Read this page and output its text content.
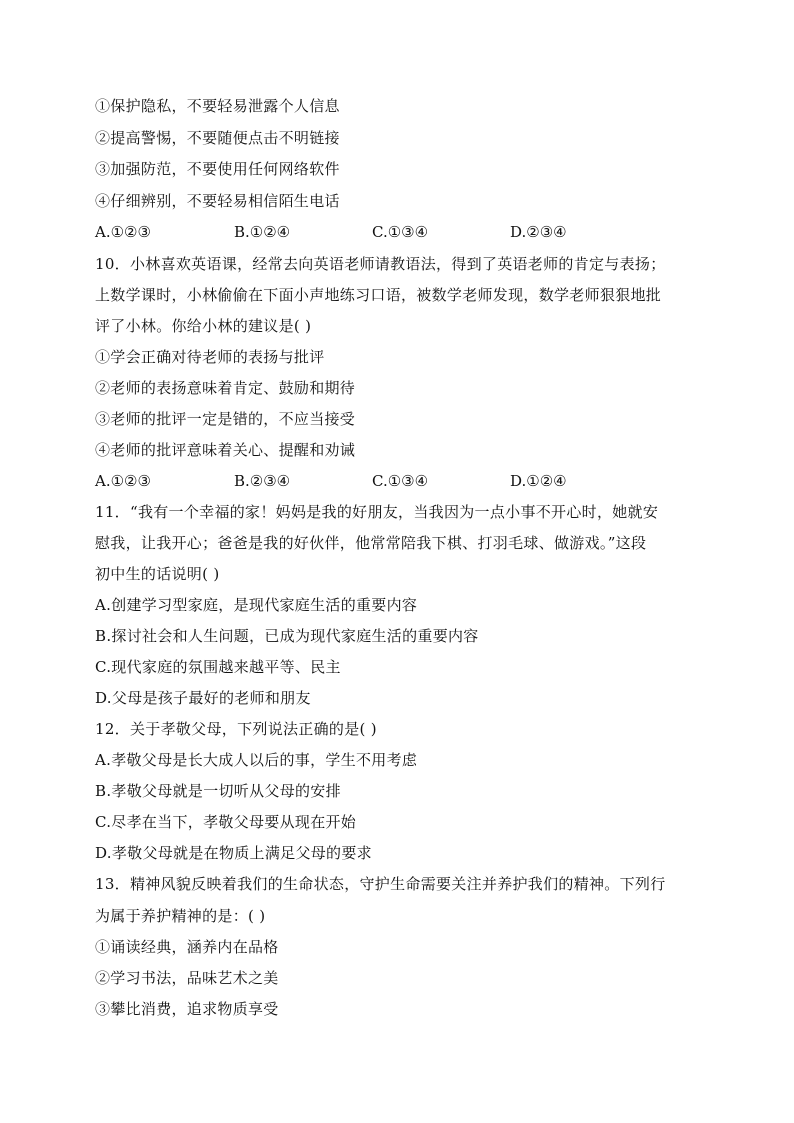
①保护隐私，不要轻易泄露个人信息
②提高警惕，不要随便点击不明链接
③加强防范，不要使用任何网络软件
④仔细辨别，不要轻易相信陌生电话
A.①②③	B.①②④	C.①③④	D.②③④
10．小林喜欢英语课，经常去向英语老师请教语法，得到了英语老师的肯定与表扬；
上数学课时，小林偷偷在下面小声地练习口语，被数学老师发现，数学老师狠狠地批
评了小林。你给小林的建议是( )
①学会正确对待老师的表扬与批评
②老师的表扬意味着肯定、鼓励和期待
③老师的批评一定是错的，不应当接受
④老师的批评意味着关心、提醒和劝诫
A.①②③	B.②③④	C.①③④	D.①②④
11．“我有一个幸福的家！妈妈是我的好朋友，当我因为一点小事不开心时，她就安
慰我，让我开心；爸爸是我的好伙伴，他常常陪我下棋、打羽毛球、做游戏。”这段
初中生的话说明( )
A.创建学习型家庭，是现代家庭生活的重要内容
B.探讨社会和人生问题，已成为现代家庭生活的重要内容
C.现代家庭的氛围越来越平等、民主
D.父母是孩子最好的老师和朋友
12．关于孝敬父母，下列说法正确的是( )
A.孝敬父母是长大成人以后的事，学生不用考虑
B.孝敬父母就是一切听从父母的安排
C.尽孝在当下，孝敬父母要从现在开始
D.孝敬父母就是在物质上满足父母的要求
13．精神风貌反映着我们的生命状态，守护生命需要关注并养护我们的精神。下列行
为属于养护精神的是：( )
①诵读经典，涵养内在品格
②学习书法，品味艺术之美
③攀比消费，追求物质享受
